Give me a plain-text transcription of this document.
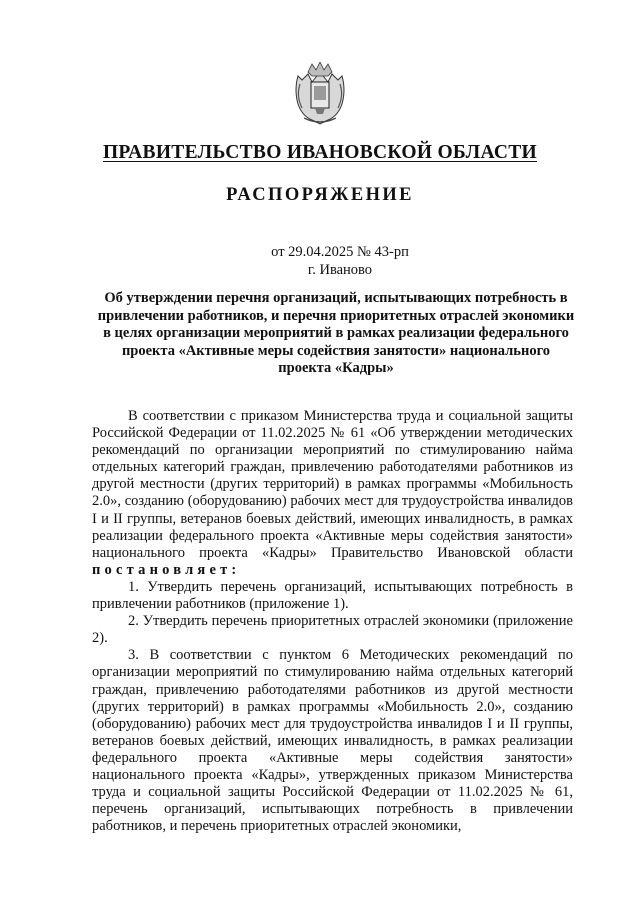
ПРАВИТЕЛЬСТВО ИВАНОВСКОЙ ОБЛАСТИ
РАСПОРЯЖЕНИЕ
от 29.04.2025 № 43-рп
г. Иваново
Об утверждении перечня организаций, испытывающих потребность в привлечении работников, и перечня приоритетных отраслей экономики в целях организации мероприятий в рамках реализации федерального проекта «Активные меры содействия занятости» национального проекта «Кадры»

В соответствии с приказом Министерства труда и социальной защиты Российской Федерации от 11.02.2025 № 61 «Об утверждении методических рекомендаций по организации мероприятий по стимулированию найма отдельных категорий граждан, привлечению работодателями работников из другой местности (других территорий) в рамках программы «Мобильность 2.0», созданию (оборудованию) рабочих мест для трудоустройства инвалидов I и II группы, ветеранов боевых действий, имеющих инвалидность, в рамках реализации федерального проекта «Активные меры содействия занятости» национального проекта «Кадры» Правительство Ивановской области постановляет:

1. Утвердить перечень организаций, испытывающих потребность в привлечении работников (приложение 1).

2. Утвердить перечень приоритетных отраслей экономики (приложение 2).

3. В соответствии с пунктом 6 Методических рекомендаций по организации мероприятий по стимулированию найма отдельных категорий граждан, привлечению работодателями работников из другой местности (других территорий) в рамках программы «Мобильность 2.0», созданию (оборудованию) рабочих мест для трудоустройства инвалидов I и II группы, ветеранов боевых действий, имеющих инвалидность, в рамках реализации федерального проекта «Активные меры содействия занятости» национального проекта «Кадры», утвержденных приказом Министерства труда и социальной защиты Российской Федерации от 11.02.2025 № 61, перечень организаций, испытывающих потребность в привлечении работников, и перечень приоритетных отраслей экономики,
